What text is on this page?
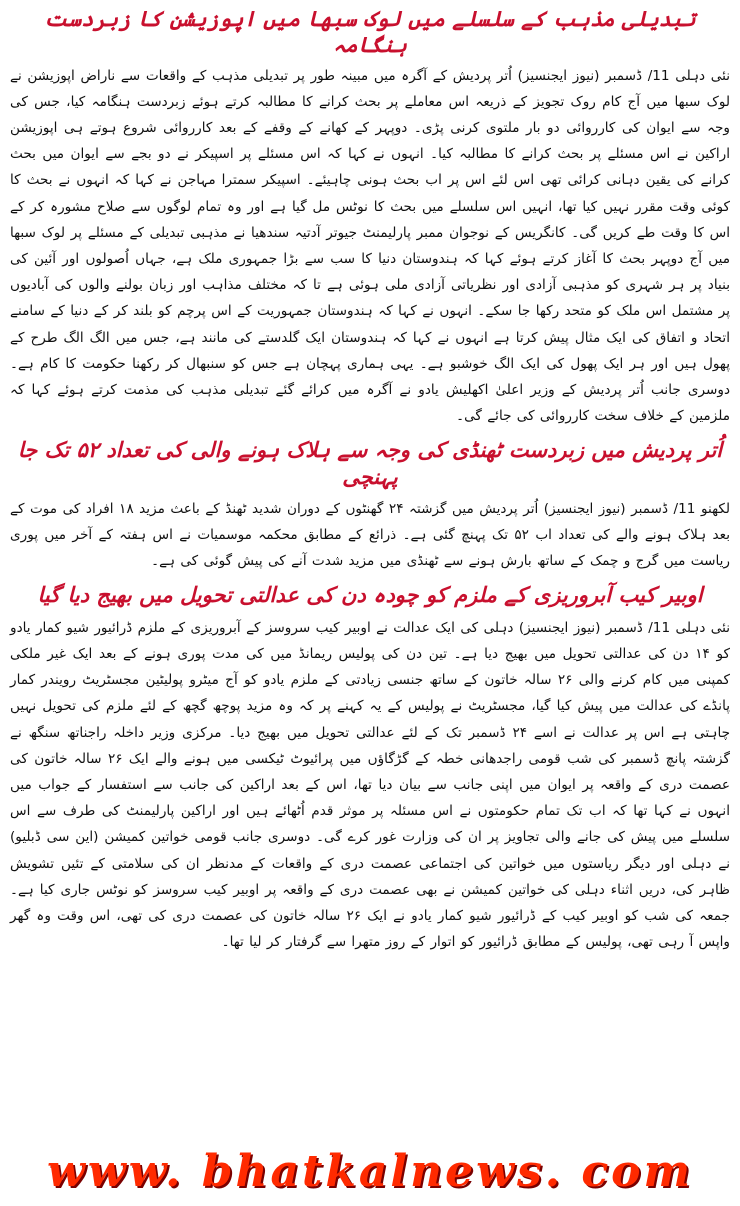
تبدیلی مذہب کے سلسلے میں لوک سبھا میں اپوزیشن کا زبردست ہنگامہ

نئی دہلی 11/ ڈسمبر (نیوز ایجنسیز) اُتر پردیش کے آگرہ میں مبینہ طور پر تبدیلی مذہب کے واقعات سے ناراض اپوزیشن نے لوک سبھا میں آج کام روک تجویز کے ذریعہ اس معاملے پر بحث کرانے کا مطالبہ کرتے ہوئے زبردست ہنگامہ کیا، جس کی وجہ سے ایوان کی کارروائی دو بار ملتوی کرنی پڑی۔ دوپہر کے کھانے کے وقفے کے بعد کارروائی شروع ہوتے ہی اپوزیشن اراکین نے اس مسئلے پر بحث کرانے کا مطالبہ کیا۔ انہوں نے کہا کہ اس مسئلے پر اسپیکر نے دو بجے سے ایوان میں بحث کرانے کی یقین دہانی کرائی تھی اس لئے اس پر اب بحث ہونی چاہیئے۔ اسپیکر سمترا مہاجن نے کہا کہ انہوں نے بحث کا کوئی وقت مقرر نہیں کیا تھا، انہیں اس سلسلے میں بحث کا نوٹس مل گیا ہے اور وہ تمام لوگوں سے صلاح مشورہ کر کے اس کا وقت طے کریں گی۔ کانگریس کے نوجوان ممبر پارلیمنٹ جیوتر آدتیہ سندھیا نے مذہبی تبدیلی کے مسئلے پر لوک سبھا میں آج دوپہر بحث کا آغاز کرتے ہوئے کہا کہ ہندوستان دنیا کا سب سے بڑا جمہوری ملک ہے، جہاں اُصولوں اور آئین کی بنیاد پر ہر شہری کو مذہبی آزادی اور نظریاتی آزادی ملی ہوئی ہے تا کہ مختلف مذاہب اور زبان بولنے والوں کی آبادیوں پر مشتمل اس ملک کو متحد رکھا جا سکے۔ انہوں نے کہا کہ ہندوستان جمہوریت کے اس پرچم کو بلند کر کے دنیا کے سامنے اتحاد و اتفاق کی ایک مثال پیش کرتا ہے انہوں نے کہا کہ ہندوستان ایک گلدستے کی مانند ہے، جس میں الگ الگ طرح کے پھول ہیں اور ہر ایک پھول کی ایک الگ خوشبو ہے۔ یہی ہماری پہچان ہے جس کو سنبھال کر رکھنا حکومت کا کام ہے۔ دوسری جانب اُتر پردیش کے وزیر اعلیٰ اکھلیش یادو نے آگرہ میں کرائے گئے تبدیلی مذہب کی مذمت کرتے ہوئے کہا کہ ملزمین کے خلاف سخت کارروائی کی جائے گی۔

اُتر پردیش میں زبردست ٹھنڈی کی وجہ سے ہلاک ہونے والی کی تعداد ۵۲ تک جا پہنچی

لکھنو 11/ ڈسمبر (نیوز ایجنسیز) اُتر پردیش میں گزشتہ ۲۴ گھنٹوں کے دوران شدید ٹھنڈ کے باعث مزید ۱۸ افراد کی موت کے بعد ہلاک ہونے والے کی تعداد اب ۵۲ تک پہنچ گئی ہے۔ ذرائع کے مطابق محکمہ موسمیات نے اس ہفتہ کے آخر میں پوری ریاست میں گرج و چمک کے ساتھ بارش ہونے سے ٹھنڈی میں مزید شدت آنے کی پیش گوئی کی ہے۔

اوبیر کیب آبروریزی کے ملزم کو چودہ دن کی عدالتی تحویل میں بھیج دیا گیا

نئی دہلی 11/ ڈسمبر (نیوز ایجنسیز) دہلی کی ایک عدالت نے اوبیر کیب سروسز کے آبروریزی کے ملزم ڈرائیور شیو کمار یادو کو ۱۴ دن کی عدالتی تحویل میں بھیج دیا ہے۔ تین دن کی پولیس ریمانڈ میں کی مدت پوری ہونے کے بعد ایک غیر ملکی کمپنی میں کام کرنے والی ۲۶ سالہ خاتون کے ساتھ جنسی زیادتی کے ملزم یادو کو آج میٹرو پولیٹین مجسٹریٹ رویندر کمار پانڈے کی عدالت میں پیش کیا گیا، مجسٹریٹ نے پولیس کے یہ کہنے پر کہ وہ مزید پوچھ گچھ کے لئے ملزم کی تحویل نہیں چاہتی ہے اس پر عدالت نے اسے ۲۴ ڈسمبر تک کے لئے عدالتی تحویل میں بھیج دیا۔ مرکزی وزیر داخلہ راجناتھ سنگھ نے گزشتہ پانچ ڈسمبر کی شب قومی راجدھانی خطہ کے گڑگاؤں میں پرائیوٹ ٹیکسی میں ہونے والے ایک ۲۶ سالہ خاتون کی عصمت دری کے واقعہ پر ایوان میں اپنی جانب سے بیان دیا تھا، اس کے بعد اراکین کی جانب سے استفسار کے جواب میں انہوں نے کہا تھا کہ اب تک تمام حکومتوں نے اس مسئلہ پر موثر قدم اُٹھائے ہیں اور اراکین پارلیمنٹ کی طرف سے اس سلسلے میں پیش کی جانے والی تجاویز پر ان کی وزارت غور کرے گی۔ دوسری جانب قومی خواتین کمیشن (این سی ڈبلیو) نے دہلی اور دیگر ریاستوں میں خواتین کی اجتماعی عصمت دری کے واقعات کے مدنظر ان کی سلامتی کے تئیں تشویش ظاہر کی، دریں اثناء دہلی کی خواتین کمیشن نے بھی عصمت دری کے واقعہ پر اوبیر کیب سروسز کو نوٹس جاری کیا ہے۔ جمعہ کی شب کو اوبیر کیب کے ڈرائیور شیو کمار یادو نے ایک ۲۶ سالہ خاتون کی عصمت دری کی تھی، اس وقت وہ گھر واپس آ رہی تھی، پولیس کے مطابق ڈرائیور کو اتوار کے روز متھرا سے گرفتار کر لیا تھا۔

www. bhatkalnews. com
